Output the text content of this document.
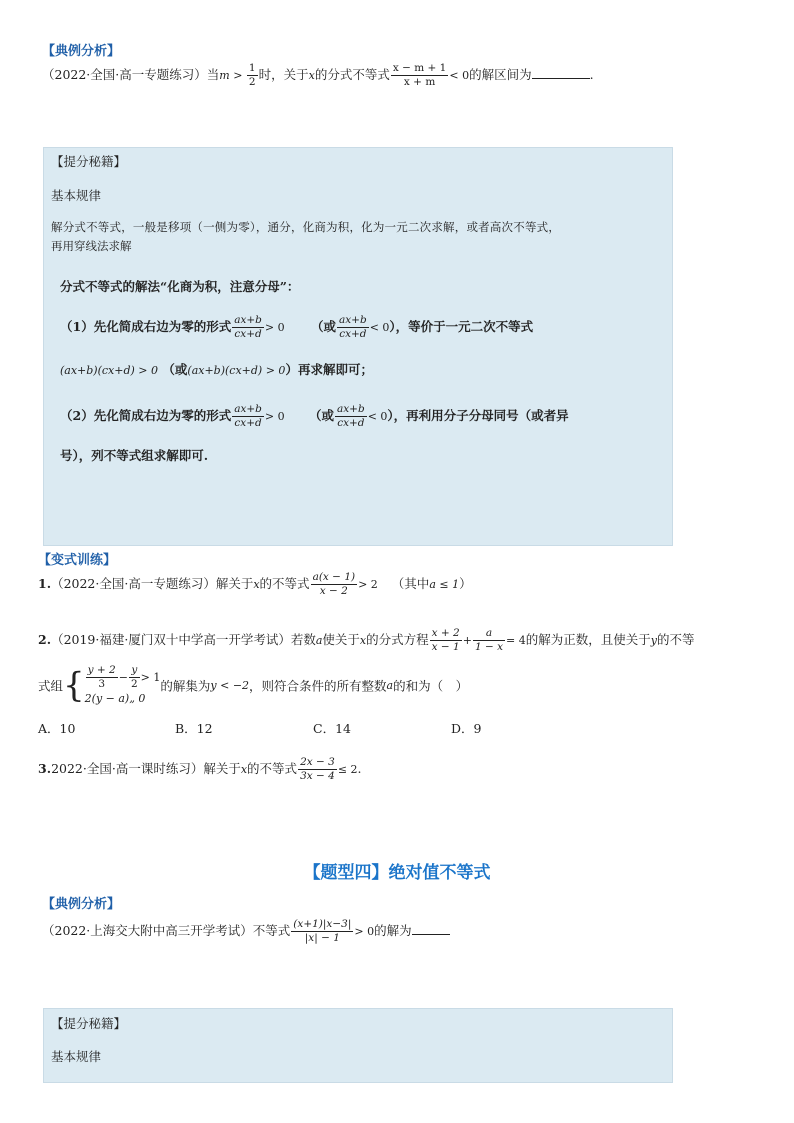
【典例分析】
（2022·全国·高一专题练习）当$m > \frac{1}{2}$ 时，关于x的分式不等式 $\frac{x - m + 1}{x + m} < 0$的解区间为	.
【提分秘籍】
基本规律
解分式不等式，一般是移项（一侧为零），通分，化商为积，化为一元二次求解，或者高次不等式，
再用穿线法求解
分式不等式的解法“化商为积，注意分母”：
（1）先化简成右边为零的形式 $\frac{ax+b}{cx+d} > 0$ （或 $\frac{ax+b}{cx+d} < 0$），等价于一元二次不等式
(ax+b)(cx+d) > 0 （或(ax+b)(cx+d) > 0）再求解即可；
（2）先化简成右边为零的形式 $\frac{ax+b}{cx+d} > 0$ （或 $\frac{ax+b}{cx+d} < 0$），再利用分子分母同号（或者异
号），列不等式组求解即可.
【变式训练】
1.（2022·全国·高一专题练习）解关于x的不等式 $\frac{a(x - 1)}{x - 2} > 2$ （其中a ≤ 1）
2.（2019·福建·厦门双十中学高一开学考试）若数a使关于x的分式方程 $\frac{x + 2}{x - 1} + \frac{a}{1 - x} = 4$的解为正数，且使关于y的不等
式组{ $\frac{y + 2}{3} - \frac{y}{2} > 1$
2(y − a)„ 0
的解集为y < −2，则符合条件的所有整数a的和为（　）
A．10	B．12	C．14	D．9
3.2022·全国·高一课时练习）解关于x的不等式 $\frac{2x - 3}{3x - 4} \le 2$.
【题型四】绝对值不等式
【典例分析】
（2022·上海交大附中高三开学考试）不等式 $\frac{(x+1)|x-3|}{|x| - 1} > 0$的解为
【提分秘籍】
基本规律
